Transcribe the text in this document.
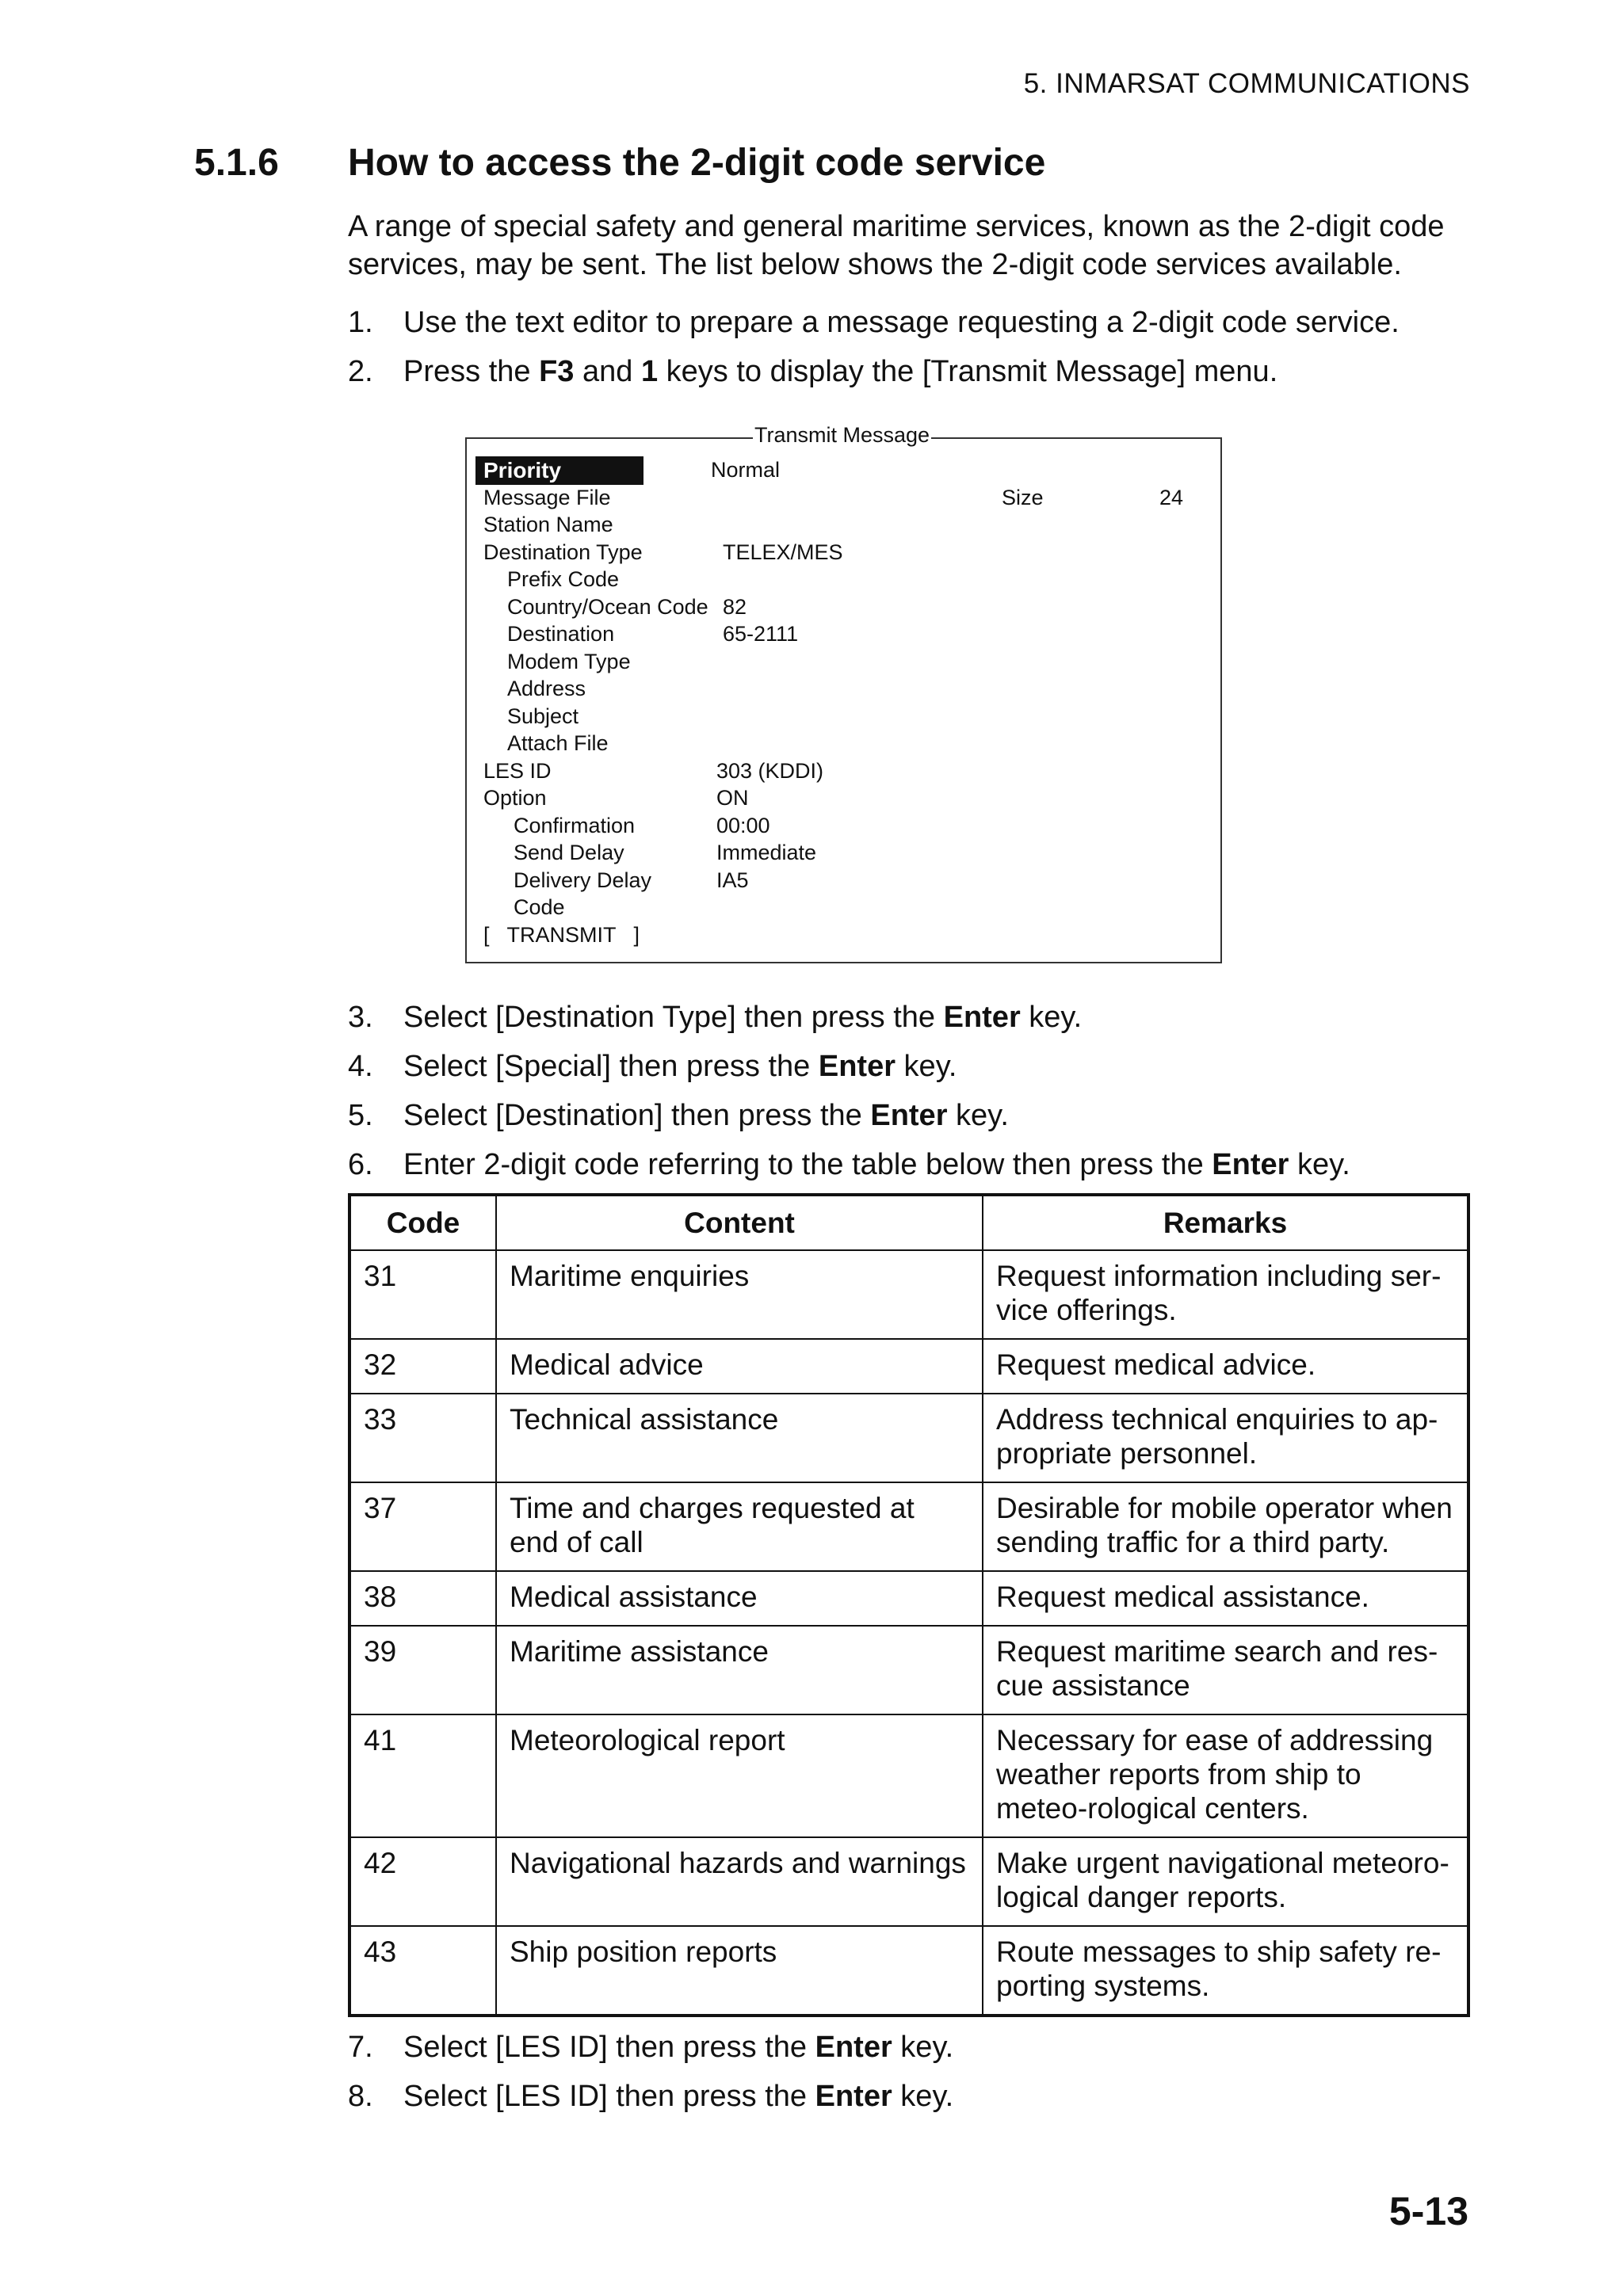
5. INMARSAT COMMUNICATIONS
5.1.6 How to access the 2-digit code service
A range of special safety and general maritime services, known as the 2-digit code services, may be sent. The list below shows the 2-digit code services available.
1. Use the text editor to prepare a message requesting a 2-digit code service.
2. Press the F3 and 1 keys to display the [Transmit Message] menu.
Transmit Message
Priority	Normal
Message File	Size	24
Station Name
Destination Type	TELEX/MES
Prefix Code
Country/Ocean Code 82
Destination	65-2111
Modem Type
Address
Subject
Attach File
LES ID	303 (KDDI)
Option	ON
Confirmation	00:00
Send Delay	Immediate
Delivery Delay	IA5
Code
[   TRANSMIT   ]
3. Select [Destination Type] then press the Enter key.
4. Select [Special] then press the Enter key.
5. Select [Destination] then press the Enter key.
6. Enter 2-digit code referring to the table below then press the Enter key.
Code	Content	Remarks
31	Maritime enquiries	Request information including ser-vice offerings.
32	Medical advice	Request medical advice.
33	Technical assistance	Address technical enquiries to ap-propriate personnel.
37	Time and charges requested at end of call	Desirable for mobile operator when sending traffic for a third party.
38	Medical assistance	Request medical assistance.
39	Maritime assistance	Request maritime search and res-cue assistance
41	Meteorological report	Necessary for ease of addressing weather reports from ship to meteo-rological centers.
42	Navigational hazards and warnings	Make urgent navigational meteoro-logical danger reports.
43	Ship position reports	Route messages to ship safety re-porting systems.
7. Select [LES ID] then press the Enter key.
8. Select [LES ID] then press the Enter key.
5-13
